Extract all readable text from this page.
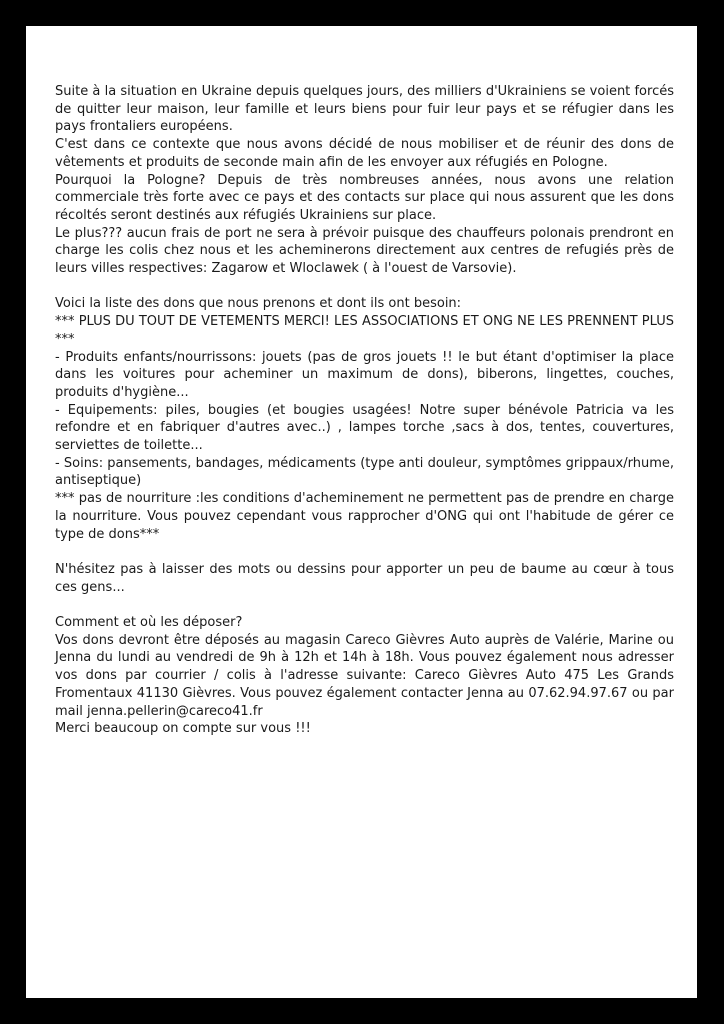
Suite à la situation en Ukraine depuis quelques jours, des milliers d'Ukrainiens se voient forcés de quitter leur maison, leur famille et leurs biens pour fuir leur pays et se réfugier dans les pays frontaliers européens.

C'est dans ce contexte que nous avons décidé de nous mobiliser et de réunir des dons de vêtements et produits de seconde main afin de les envoyer aux réfugiés en Pologne.

Pourquoi la Pologne? Depuis de très nombreuses années, nous avons une relation commerciale très forte avec ce pays et des contacts sur place qui nous assurent que les dons récoltés seront destinés aux réfugiés Ukrainiens sur place.

Le plus??? aucun frais de port ne sera à prévoir puisque des chauffeurs polonais prendront en charge les colis chez nous et les acheminerons directement aux centres de refugiés près de leurs villes respectives: Zagarow et Wloclawek ( à l'ouest de Varsovie).

Voici la liste des dons que nous prenons et dont ils ont besoin:

*** PLUS DU TOUT DE VETEMENTS MERCI! LES ASSOCIATIONS ET ONG NE LES PRENNENT PLUS ***

- Produits enfants/nourrissons: jouets (pas de gros jouets !! le but étant d'optimiser la place dans les voitures pour acheminer un maximum de dons), biberons, lingettes, couches, produits d'hygiène...

- Equipements: piles, bougies (et bougies usagées! Notre super bénévole Patricia va les refondre et en fabriquer d'autres avec..) , lampes torche ,sacs à dos, tentes, couvertures, serviettes de toilette...

- Soins: pansements, bandages, médicaments (type anti douleur, symptômes grippaux/rhume, antiseptique)

*** pas de nourriture :les conditions d'acheminement ne permettent pas de prendre en charge la nourriture. Vous pouvez cependant vous rapprocher d'ONG qui ont l'habitude de gérer ce type de dons***

N'hésitez pas à laisser des mots ou dessins pour apporter un peu de baume au cœur à tous ces gens...

Comment et où les déposer?

Vos dons devront être déposés au magasin Careco Gièvres Auto auprès de Valérie, Marine ou Jenna du lundi au vendredi de 9h à 12h et 14h à 18h. Vous pouvez également nous adresser vos dons par courrier / colis à l'adresse suivante: Careco Gièvres Auto 475 Les Grands Fromentaux 41130 Gièvres. Vous pouvez également contacter Jenna au 07.62.94.97.67 ou par mail jenna.pellerin@careco41.fr

Merci beaucoup on compte sur vous !!!
